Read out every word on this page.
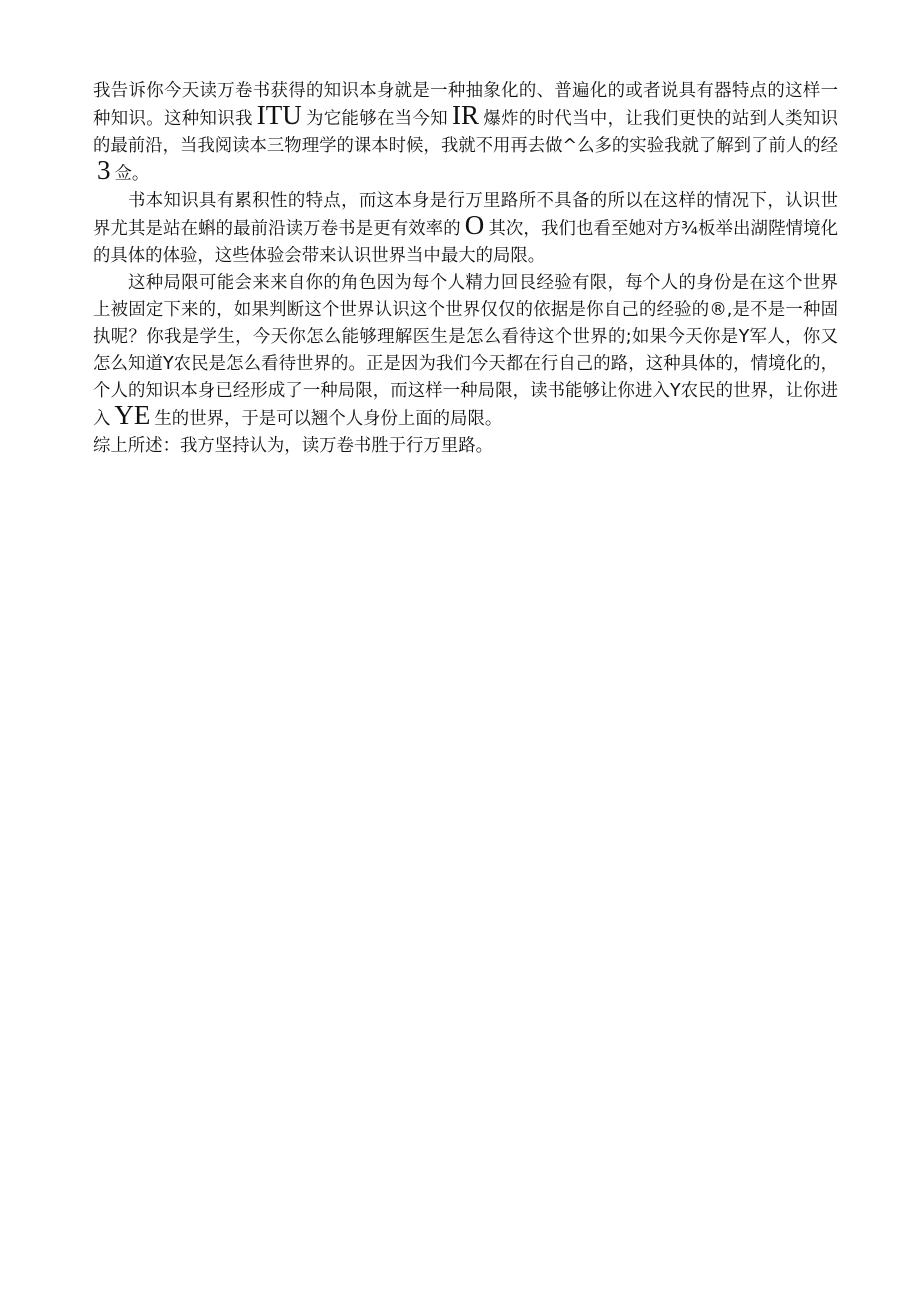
我告诉你今天读万卷书获得的知识本身就是一种抽象化的、普遍化的或者说具有器特点的这样一种知识。这种知识我 ITU 为它能够在当今知 IR 爆炸的时代当中，让我们更快的站到人类知识的最前沿，当我阅读本三物理学的课本时候，我就不用再去做^么多的实验我就了解到了前人的经3 佥。

书本知识具有累积性的特点，而这本身是行万里路所不具备的所以在这样的情况下，认识世界尤其是站在蝌的最前沿读万卷书是更有效率的 O 其次，我们也看至她对方¾板举出湖陛情境化的具体的体验，这些体验会带来认识世界当中最大的局限。

这种局限可能会来来自你的角色因为每个人精力回艮经验有限，每个人的身份是在这个世界上被固定下来的，如果判断这个世界认识这个世界仅仅的依据是你自己的经验的®,是不是一种固执呢？你我是学生，今天你怎么能够理解医生是怎么看待这个世界的;如果今天你是Y军人，你又怎么知道Y农民是怎么看待世界的。正是因为我们今天都在行自己的路，这种具体的，情境化的，个人的知识本身已经形成了一种局限，而这样一种局限，读书能够让你进入Y农民的世界，让你进入 YE 生的世界，于是可以翘个人身份上面的局限。

综上所述：我方坚持认为，读万卷书胜于行万里路。
